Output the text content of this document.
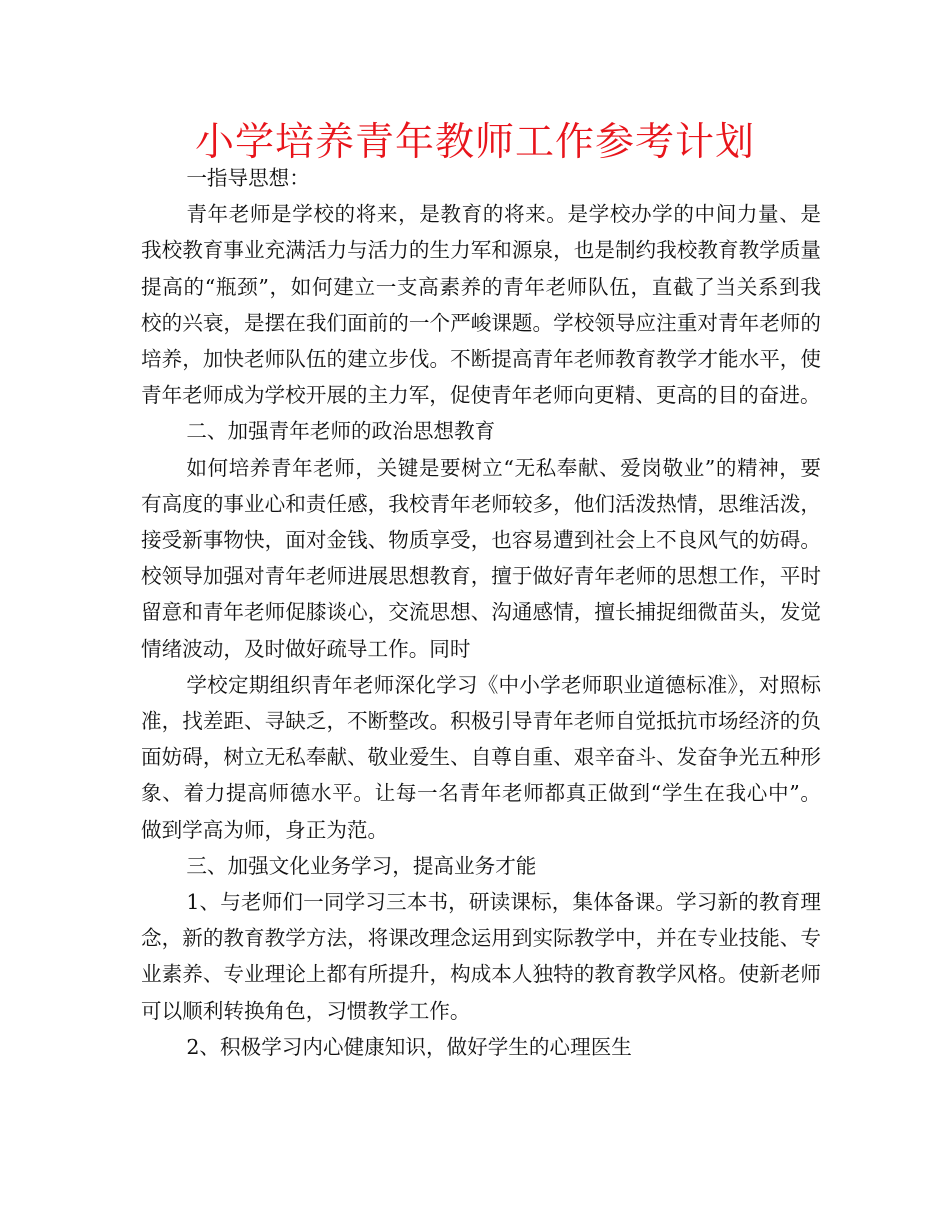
小学培养青年教师工作参考计划

一指导思想：

青年老师是学校的将来，是教育的将来。是学校办学的中间力量、是我校教育事业充满活力与活力的生力军和源泉，也是制约我校教育教学质量提高的“瓶颈”，如何建立一支高素养的青年老师队伍，直截了当关系到我校的兴衰，是摆在我们面前的一个严峻课题。学校领导应注重对青年老师的培养，加快老师队伍的建立步伐。不断提高青年老师教育教学才能水平，使青年老师成为学校开展的主力军，促使青年老师向更精、更高的目的奋进。

二、加强青年老师的政治思想教育

如何培养青年老师，关键是要树立“无私奉献、爱岗敬业”的精神，要有高度的事业心和责任感，我校青年老师较多，他们活泼热情，思维活泼，接受新事物快，面对金钱、物质享受，也容易遭到社会上不良风气的妨碍。校领导加强对青年老师进展思想教育，擅于做好青年老师的思想工作，平时留意和青年老师促膝谈心，交流思想、沟通感情，擅长捕捉细微苗头，发觉情绪波动，及时做好疏导工作。同时

学校定期组织青年老师深化学习《中小学老师职业道德标准》，对照标准，找差距、寻缺乏，不断整改。积极引导青年老师自觉抵抗市场经济的负面妨碍，树立无私奉献、敬业爱生、自尊自重、艰辛奋斗、发奋争光五种形象、着力提高师德水平。让每一名青年老师都真正做到“学生在我心中”。 做到学高为师，身正为范。

三、加强文化业务学习，提高业务才能

1、与老师们一同学习三本书，研读课标，集体备课。学习新的教育理念，新的教育教学方法，将课改理念运用到实际教学中，并在专业技能、专业素养、专业理论上都有所提升，构成本人独特的教育教学风格。使新老师可以顺利转换角色，习惯教学工作。

2、积极学习内心健康知识，做好学生的心理医生
